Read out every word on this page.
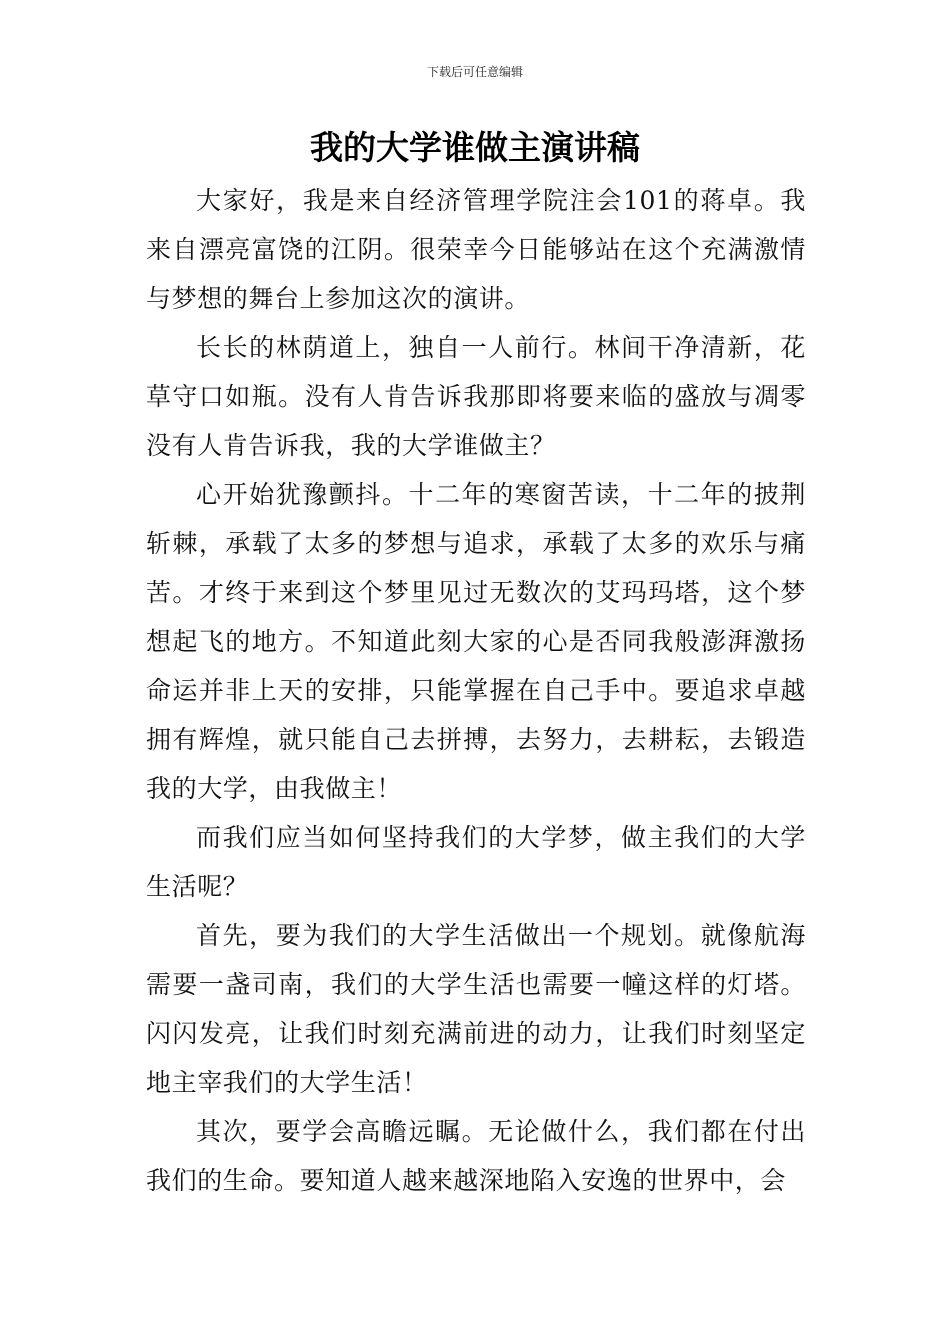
下载后可任意编辑
我的大学谁做主演讲稿

大家好，我是来自经济管理学院注会101的蒋卓。我来自漂亮富饶的江阴。很荣幸今日能够站在这个充满激情与梦想的舞台上参加这次的演讲。

长长的林荫道上，独自一人前行。林间干净清新，花草守口如瓶。没有人肯告诉我那即将要来临的盛放与凋零没有人肯告诉我，我的大学谁做主？

心开始犹豫颤抖。十二年的寒窗苦读，十二年的披荆斩棘，承载了太多的梦想与追求，承载了太多的欢乐与痛苦。才终于来到这个梦里见过无数次的艾玛玛塔，这个梦想起飞的地方。不知道此刻大家的心是否同我般澎湃激扬命运并非上天的安排，只能掌握在自己手中。要追求卓越拥有辉煌，就只能自己去拼搏，去努力，去耕耘，去锻造我的大学，由我做主！

而我们应当如何坚持我们的大学梦，做主我们的大学生活呢？

首先，要为我们的大学生活做出一个规划。就像航海需要一盏司南，我们的大学生活也需要一幢这样的灯塔。闪闪发亮，让我们时刻充满前进的动力，让我们时刻坚定地主宰我们的大学生活！

其次，要学会高瞻远瞩。无论做什么，我们都在付出我们的生命。要知道人越来越深地陷入安逸的世界中，会
